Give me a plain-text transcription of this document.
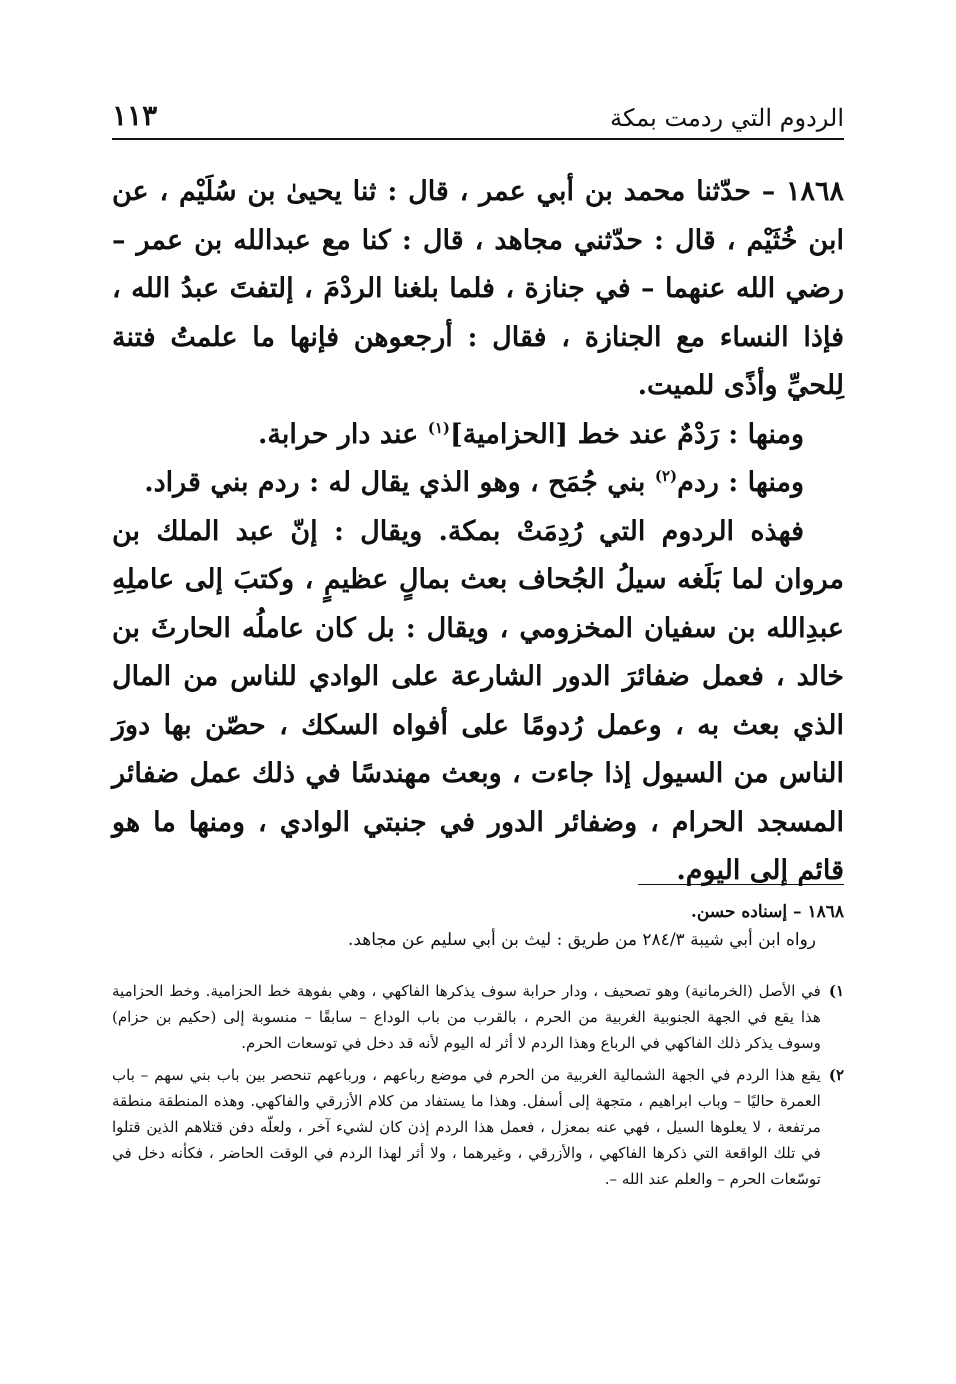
الردوم التي ردمت بمكة
١١٣

١٨٦٨ – حدّثنا محمد بن أبي عمر ، قال : ثنا يحيىٰ بن سُلَيْم ، عن ابن خُثَيْم ، قال : حدّثني مجاهد ، قال : كنا مع عبدالله بن عمر – رضي الله عنهما – في جنازة ، فلما بلغنا الردْمَ ، إلتفتَ عبدُ الله ، فإذا النساء مع الجنازة ، فقال : أرجعوهن فإنها ما علمتُ فتنة لِلحيِّ وأذًى للميت.

ومنها : رَدْمٌ عند خط [الحزامية]$^{(١)}$ عند دار حرابة.

ومنها : ردم$^{(٢)}$ بني جُمَح ، وهو الذي يقال له : ردم بني قراد.

فهذه الردوم التي رُدِمَتْ بمكة. ويقال : إنّ عبد الملك بن مروان لما بَلَغه سيلُ الجُحاف بعث بمالٍ عظيمٍ ، وكتبَ إلى عاملِهِ عبدِالله بن سفيان المخزومي ، ويقال : بل كان عاملُه الحارثَ بن خالد ، فعمل ضفائرَ الدور الشارعة على الوادي للناس من المال الذي بعث به ، وعمل رُدومًا على أفواه السكك ، حصّن بها دورَ الناس من السيول إذا جاءت ، وبعث مهندسًا في ذلك عمل ضفائر المسجد الحرام ، وضفائر الدور في جنبتي الوادي ، ومنها ما هو قائم إلى اليوم.

١٨٦٨ – إسناده حسن.

رواه ابن أبي شيبة ٢٨٤/٣ من طريق : ليث بن أبي سليم عن مجاهد.

١)
في الأصل (الخرمانية) وهو تصحيف ، ودار حرابة سوف يذكرها الفاكهي ، وهي بفوهة خط الحزامية. وخط الحزامية هذا يقع في الجهة الجنوبية الغربية من الحرم ، بالقرب من باب الوداع – سابقًا – منسوبة إلى (حكيم بن حزام) وسوف يذكر ذلك الفاكهي في الرباع وهذا الردم لا أثر له اليوم لأنه قد دخل في توسعات الحرم.
٢)
يقع هذا الردم في الجهة الشمالية الغربية من الحرم في موضع رباعهم ، ورباعهم تنحصر بين باب بني سهم – باب العمرة حاليًا – وباب ابراهيم ، متجهة إلى أسفل. وهذا ما يستفاد من كلام الأزرقي والفاكهي. وهذه المنطقة منطقة مرتفعة ، لا يعلوها السيل ، فهي عنه بمعزل ، فعمل هذا الردم إذن كان لشيء آخر ، ولعلّه دفن قتلاهم الذين قتلوا في تلك الواقعة التي ذكرها الفاكهي ، والأزرقي ، وغيرهما ، ولا أثر لهذا الردم في الوقت الحاضر ، فكأنه دخل في توسّعات الحرم – والعلم عند الله –.
